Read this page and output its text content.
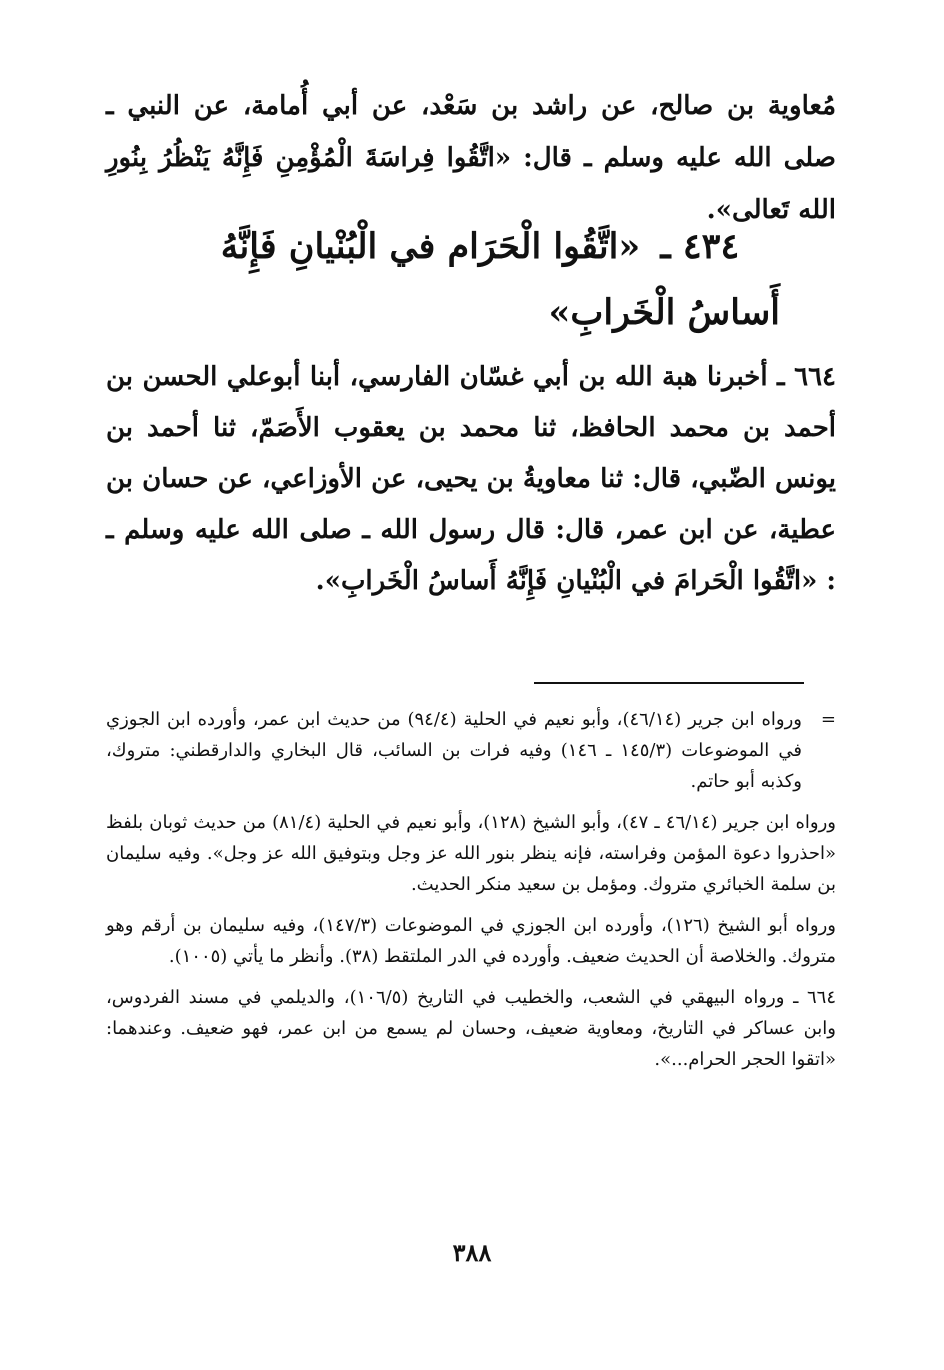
مُعاوية بن صالح، عن راشد بن سَعْد، عن أبي أُمامة، عن النبي ـ صلى الله عليه وسلم ـ قال: «اتَّقُوا فِراسَةَ الْمُؤْمِنِ فَإِنَّهُ يَنْظُرُ بِنُورِ الله تَعالى».
٤٣٤ ـ «اتَّقُوا الْحَرَام في الْبُنْيانِ فَإِنَّهُ أَساسُ الْخَرابِ»
٦٦٤ ـ أخبرنا هبة الله بن أبي غسّان الفارسي، أبنا أبوعلي الحسن بن أحمد بن محمد الحافظ، ثنا محمد بن يعقوب الأَصَمّ، ثنا أحمد بن يونس الضّبي، قال: ثنا معاويةُ بن يحيى، عن الأوزاعي، عن حسان بن عطية، عن ابن عمر، قال: قال رسول الله ـ صلى الله عليه وسلم ـ : «اتَّقُوا الْحَرامَ في الْبُنْيانِ فَإِنَّهُ أَساسُ الْخَرابِ».
=
ورواه ابن جرير (٤٦/١٤)، وأبو نعيم في الحلية (٩٤/٤) من حديث ابن عمر، وأورده ابن الجوزي في الموضوعات (١٤٥/٣ ـ ١٤٦) وفيه فرات بن السائب، قال البخاري والدارقطني: متروك، وكذبه أبو حاتم.
ورواه ابن جرير (٤٦/١٤ ـ ٤٧)، وأبو الشيخ (١٢٨)، وأبو نعيم في الحلية (٨١/٤) من حديث ثوبان بلفظ «احذروا دعوة المؤمن وفراسته، فإنه ينظر بنور الله عز وجل وبتوفيق الله عز وجل». وفيه سليمان بن سلمة الخبائري متروك. ومؤمل بن سعيد منكر الحديث.
ورواه أبو الشيخ (١٢٦)، وأورده ابن الجوزي في الموضوعات (١٤٧/٣)، وفيه سليمان بن أرقم وهو متروك. والخلاصة أن الحديث ضعيف. وأورده في الدر الملتقط (٣٨). وأنظر ما يأتي (١٠٠٥).
٦٦٤ ـ ورواه البيهقي في الشعب، والخطيب في التاريخ (١٠٦/٥)، والديلمي في مسند الفردوس، وابن عساكر في التاريخ، ومعاوية ضعيف، وحسان لم يسمع من ابن عمر، فهو ضعيف. وعندهما: «اتقوا الحجر الحرام...».
٣٨٨
